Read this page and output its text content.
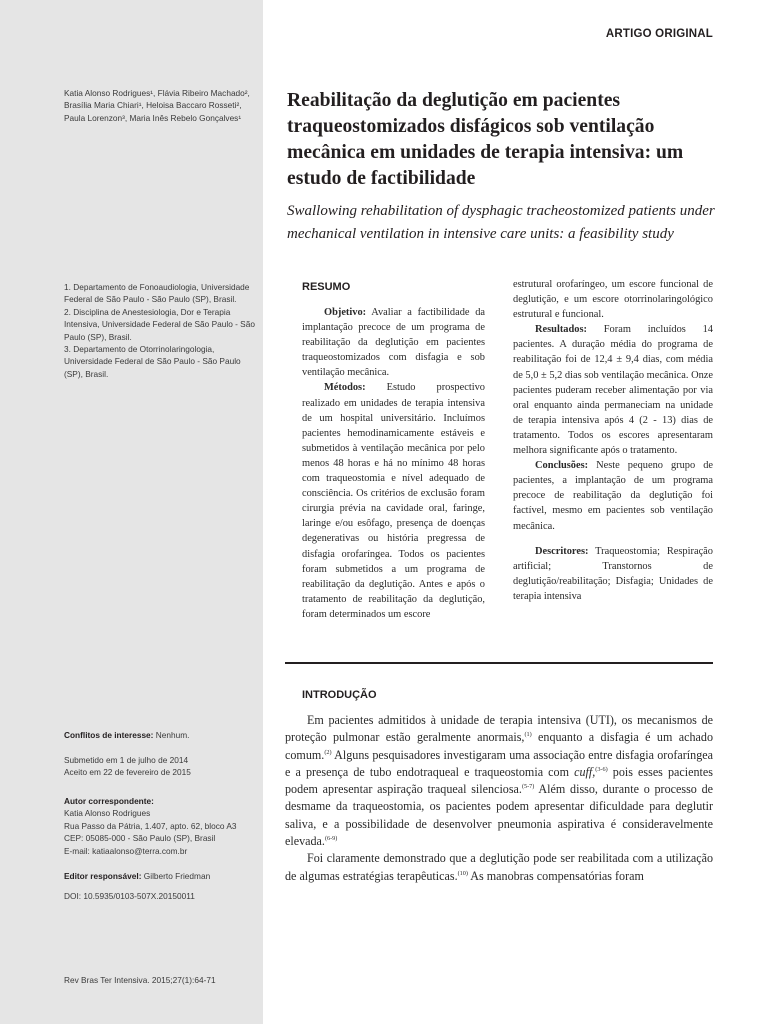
Katia Alonso Rodrigues¹, Flávia Ribeiro Machado², Brasília Maria Chiari¹, Heloisa Baccaro Rosseti², Paula Lorenzon³, Maria Inês Rebelo Gonçalves¹
1. Departamento de Fonoaudiologia, Universidade Federal de São Paulo - São Paulo (SP), Brasil.
2. Disciplina de Anestesiologia, Dor e Terapia Intensiva, Universidade Federal de São Paulo - São Paulo (SP), Brasil.
3. Departamento de Otorrinolaringologia, Universidade Federal de São Paulo - São Paulo (SP), Brasil.
Conflitos de interesse: Nenhum.
Submetido em 1 de julho de 2014
Aceito em 22 de fevereiro de 2015
Autor correspondente:
Katia Alonso Rodrigues
Rua Passo da Pátria, 1.407, apto. 62, bloco A3
CEP: 05085-000 - São Paulo (SP), Brasil
E-mail: katiaalonso@terra.com.br
Editor responsável: Gilberto Friedman
DOI: 10.5935/0103-507X.20150011
Rev Bras Ter Intensiva. 2015;27(1):64-71
ARTIGO ORIGINAL
Reabilitação da deglutição em pacientes traqueostomizados disfágicos sob ventilação mecânica em unidades de terapia intensiva: um estudo de factibilidade
Swallowing rehabilitation of dysphagic tracheostomized patients under mechanical ventilation in intensive care units: a feasibility study
RESUMO

Objetivo: Avaliar a factibilidade da implantação precoce de um programa de reabilitação da deglutição em pacientes traqueostomizados com disfagia e sob ventilação mecânica.

Métodos: Estudo prospectivo realizado em unidades de terapia intensiva de um hospital universitário. Incluímos pacientes hemodinamicamente estáveis e submetidos à ventilação mecânica por pelo menos 48 horas e há no mínimo 48 horas com traqueostomia e nível adequado de consciência. Os critérios de exclusão foram cirurgia prévia na cavidade oral, faringe, laringe e/ou esôfago, presença de doenças degenerativas ou história pregressa de disfagia orofaríngea. Todos os pacientes foram submetidos a um programa de reabilitação da deglutição. Antes e após o tratamento de reabilitação da deglutição, foram determinados um escore

estrutural orofaríngeo, um escore funcional de deglutição, e um escore otorrinolaringológico estrutural e funcional.

Resultados: Foram incluídos 14 pacientes. A duração média do programa de reabilitação foi de 12,4 ± 9,4 dias, com média de 5,0 ± 5,2 dias sob ventilação mecânica. Onze pacientes puderam receber alimentação por via oral enquanto ainda permaneciam na unidade de terapia intensiva após 4 (2 - 13) dias de tratamento. Todos os escores apresentaram melhora significante após o tratamento.

Conclusões: Neste pequeno grupo de pacientes, a implantação de um programa precoce de reabilitação da deglutição foi factível, mesmo em pacientes sob ventilação mecânica.

Descritores: Traqueostomia; Respiração artificial; Transtornos de deglutição/reabilitação; Disfagia; Unidades de terapia intensiva

INTRODUÇÃO

Em pacientes admitidos à unidade de terapia intensiva (UTI), os mecanismos de proteção pulmonar estão geralmente anormais,$^{(1)}$ enquanto a disfagia é um achado comum.$^{(2)}$ Alguns pesquisadores investigaram uma associação entre disfagia orofaríngea e a presença de tubo endotraqueal e traqueostomia com cuff,$^{(3-6)}$ pois esses pacientes podem apresentar aspiração traqueal silenciosa.$^{(5-7)}$ Além disso, durante o processo de desmame da traqueostomia, os pacientes podem apresentar dificuldade para deglutir saliva, e a possibilidade de desenvolver pneumonia aspirativa é consideravelmente elevada.$^{(6-9)}$

Foi claramente demonstrado que a deglutição pode ser reabilitada com a utilização de algumas estratégias terapêuticas.$^{(10)}$ As manobras compensatórias foram
